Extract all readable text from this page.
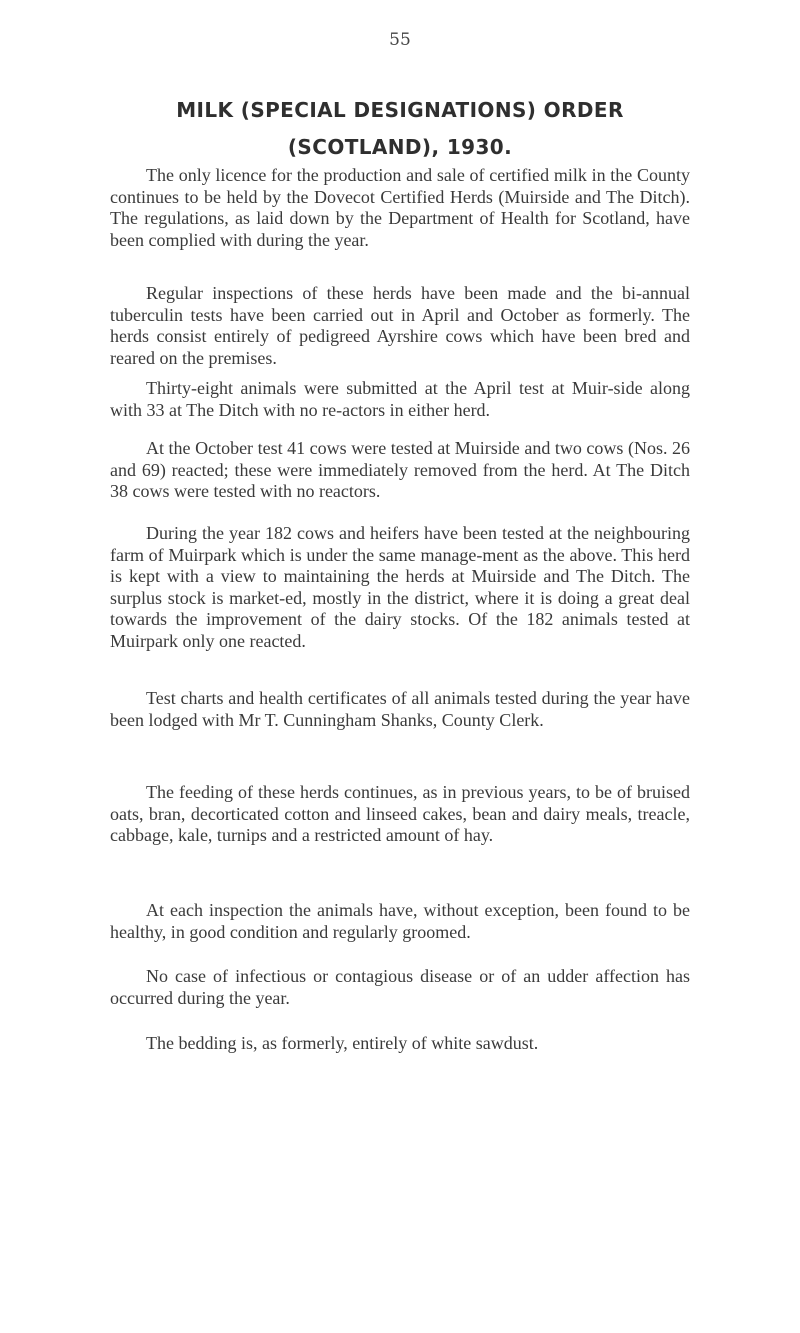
55
MILK (SPECIAL DESIGNATIONS) ORDER
(SCOTLAND), 1930.

The only licence for the production and sale of certified milk in the County continues to be held by the Dovecot Certified Herds (Muirside and The Ditch). The regulations, as laid down by the Department of Health for Scotland, have been complied with during the year.

Regular inspections of these herds have been made and the bi-annual tuberculin tests have been carried out in April and October as formerly. The herds consist entirely of pedigreed Ayrshire cows which have been bred and reared on the premises.

Thirty-eight animals were submitted at the April test at Muir-side along with 33 at The Ditch with no re-actors in either herd.

At the October test 41 cows were tested at Muirside and two cows (Nos. 26 and 69) reacted; these were immediately removed from the herd. At The Ditch 38 cows were tested with no reactors.

During the year 182 cows and heifers have been tested at the neighbouring farm of Muirpark which is under the same manage-ment as the above. This herd is kept with a view to maintaining the herds at Muirside and The Ditch. The surplus stock is market-ed, mostly in the district, where it is doing a great deal towards the improvement of the dairy stocks. Of the 182 animals tested at Muirpark only one reacted.

Test charts and health certificates of all animals tested during the year have been lodged with Mr T. Cunningham Shanks, County Clerk.

The feeding of these herds continues, as in previous years, to be of bruised oats, bran, decorticated cotton and linseed cakes, bean and dairy meals, treacle, cabbage, kale, turnips and a restricted amount of hay.

At each inspection the animals have, without exception, been found to be healthy, in good condition and regularly groomed.

No case of infectious or contagious disease or of an udder affection has occurred during the year.

The bedding is, as formerly, entirely of white sawdust.
